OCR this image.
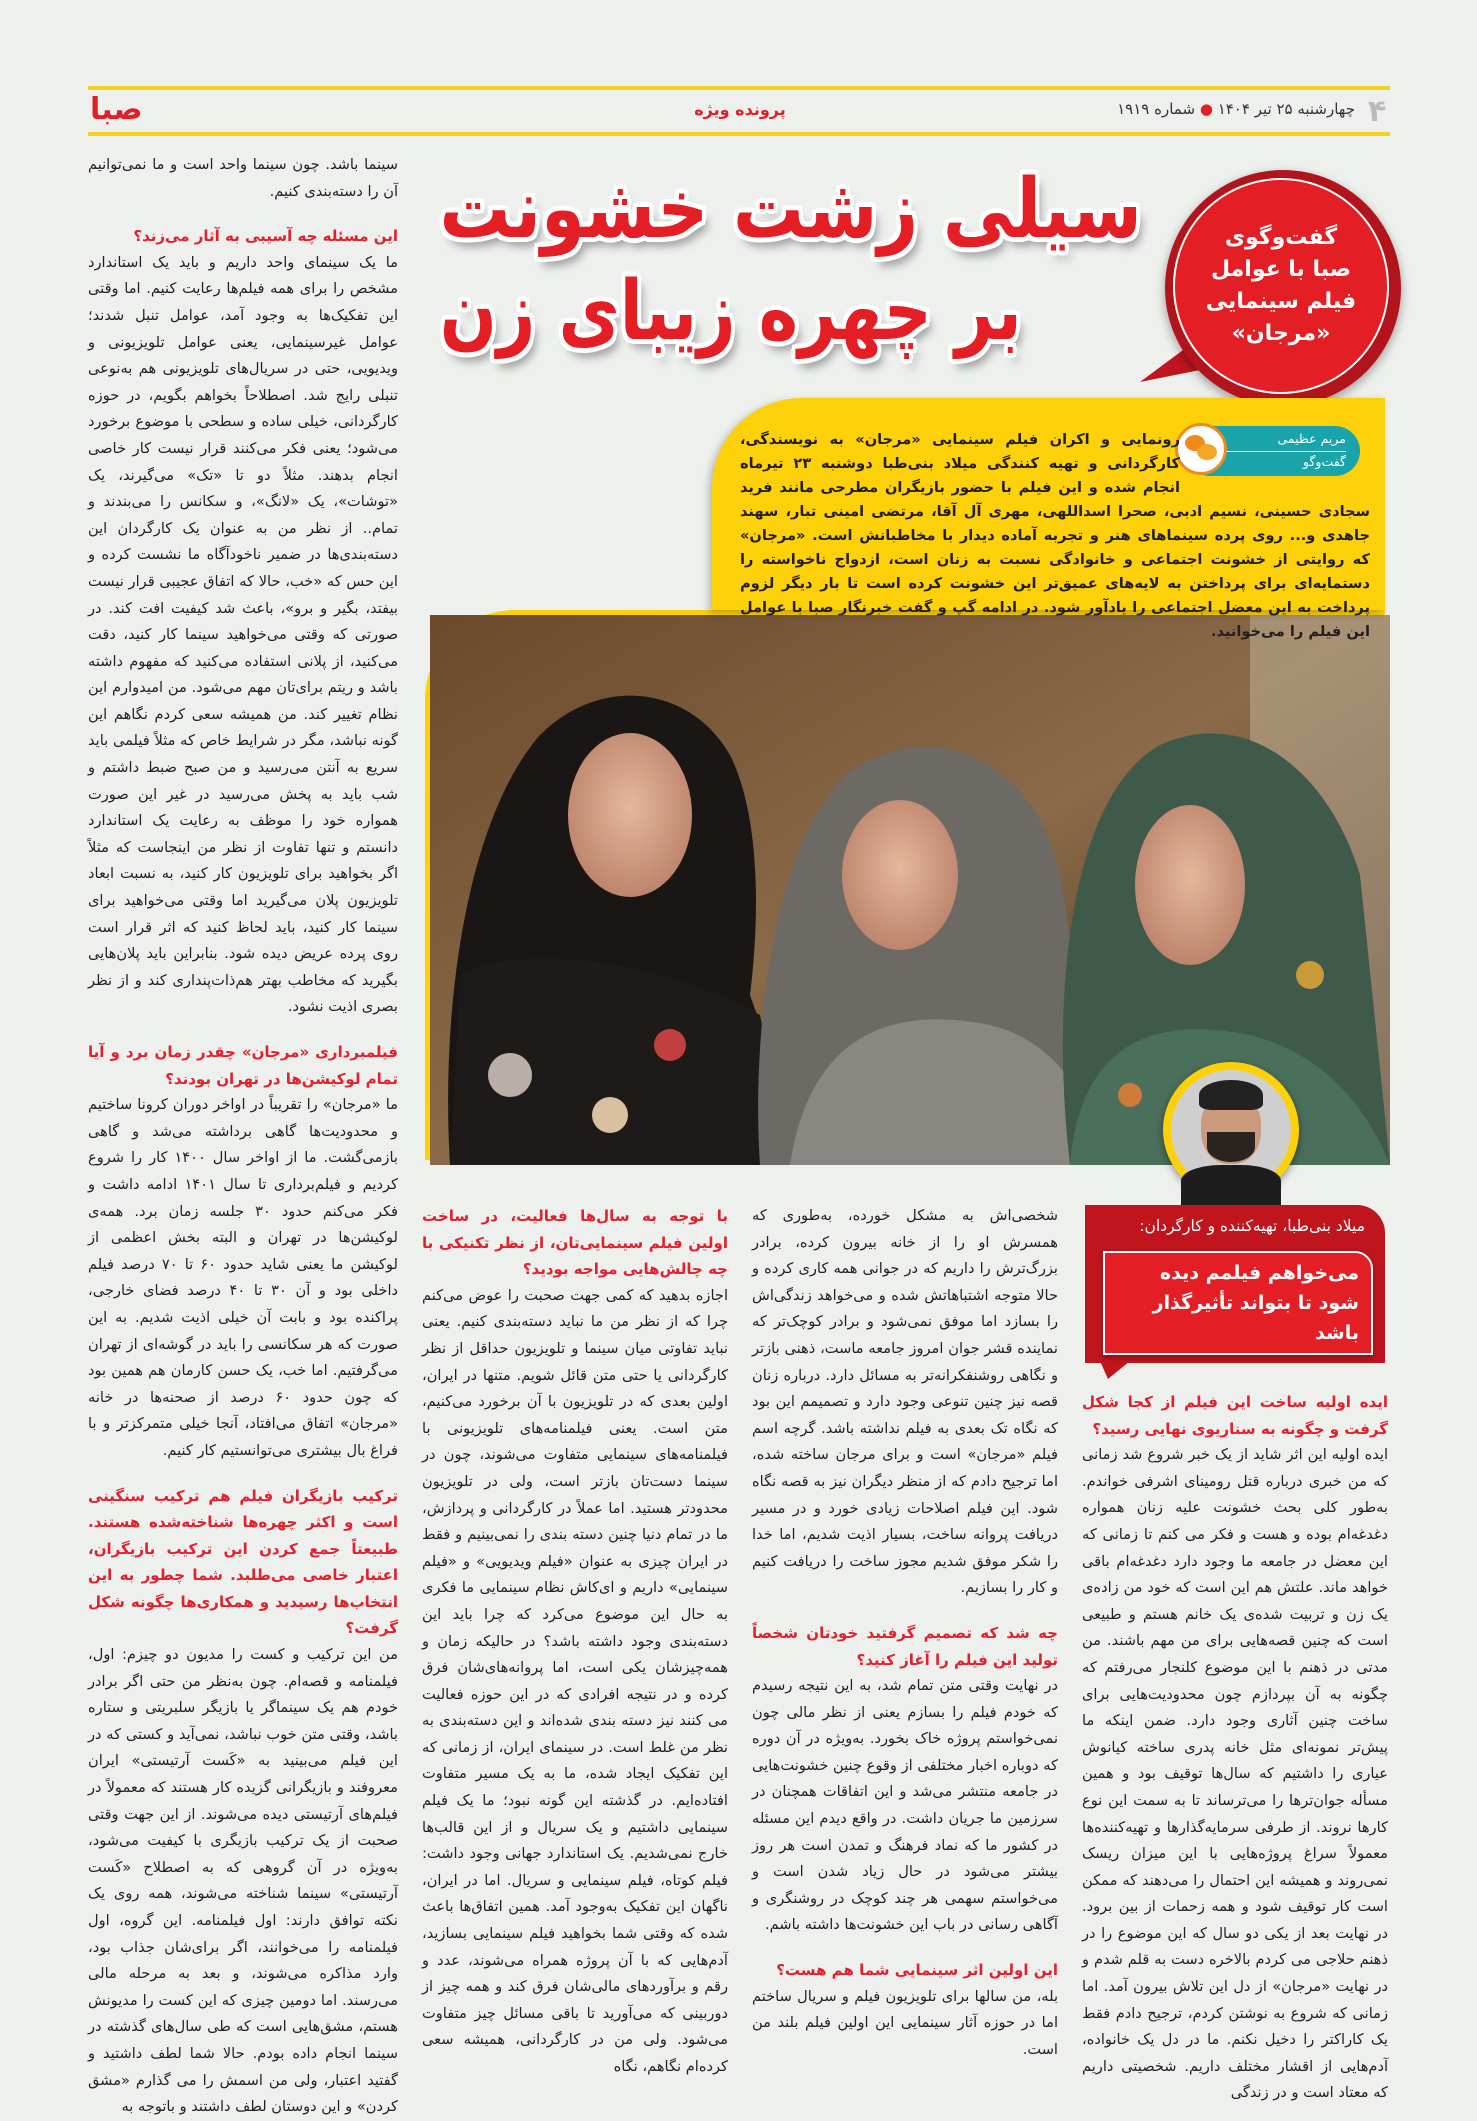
۴
چهارشنبه ۲۵ تیر ۱۴۰۴ ● شماره ۱۹۱۹
پرونده ویژه
صبا
سیلی زشت خشونت
بر چهره زیبای زن
گفت‌وگوی
صبا با عوامل
فیلم سینمایی
«مرجان»
مریم عظیمی
گفت‌وگو
رونمایی و اکران فیلم سینمایی «مرجان» به نویسندگی، کارگردانی و تهیه کنندگی میلاد بنی‌طبا دوشنبه ۲۳ تیرماه انجام شده و این فیلم با حضور بازیگران مطرحی مانند فرید سجادی حسینی، نسیم ادبی، صحرا اسداللهی، مهری آل آقا، مرتضی امینی تبار، سهند جاهدی و... روی پرده سینماهای هنر و تجربه آماده دیدار با مخاطبانش است. «مرجان» که روایتی از خشونت اجتماعی و خانوادگی نسبت به زنان است، ازدواج ناخواسته را دستمایه‌ای برای پرداختن به لایه‌های عمیق‌تر این خشونت کرده است تا بار دیگر لزوم پرداخت به این معضل اجتماعی را یادآور شود. در ادامه گپ و گفت خبرنگار صبا با عوامل این فیلم را می‌خوانید.
میلاد بنی‌طبا، تهیه‌کننده و کارگردان:
می‌خواهم فیلمم دیده شود تا بتواند تأثیرگذار باشد
ایده اولیه ساخت این فیلم از کجا شکل گرفت و چگونه به سناریوی نهایی رسید؟

ایده اولیه این اثر شاید از یک خبر شروع شد زمانی که من خبری درباره قتل رومینای اشرفی خواندم. به‌طور کلی بحث خشونت علیه زنان همواره دغدغه‌ام بوده و هست و فکر می کنم تا زمانی که این معضل در جامعه ما وجود دارد دغدغه‌ام باقی خواهد ماند. علتش هم این است که خود من زاده‌ی یک زن و تربیت شده‌ی یک خانم هستم و طبیعی است که چنین قصه‌هایی برای من مهم باشند. من مدتی در ذهنم با این موضوع کلنجار می‌رفتم که چگونه به آن بپردازم چون محدودیت‌هایی برای ساخت چنین آثاری وجود دارد. ضمن اینکه ما پیش‌تر نمونه‌ای مثل خانه پدری ساخته کیانوش عیاری را داشتیم که سال‌ها توقیف بود و همین مسأله جوان‌ترها را می‌ترساند تا به سمت این نوع کارها نروند. از طرفی سرمایه‌گذارها و تهیه‌کننده‌ها معمولاً سراغ پروژه‌هایی با این میزان ریسک نمی‌روند و همیشه این احتمال را می‌دهند که ممکن است کار توقیف شود و همه زحمات از بین برود. در نهایت بعد از یکی دو سال که این موضوع را در ذهنم حلاجی می کردم بالاخره دست به قلم شدم و در نهایت «مرجان» از دل این تلاش بیرون آمد. اما زمانی که شروع به نوشتن کردم، ترجیح دادم فقط یک کاراکتر را دخیل نکنم. ما در دل یک خانواده، آدم‌هایی از اقشار مختلف داریم. شخصیتی داریم که معتاد است و در زندگی

شخصی‌اش به مشکل خورده، به‌طوری که همسرش او را از خانه بیرون کرده، برادر بزرگ‌ترش را داریم که در جوانی همه کاری کرده و حالا متوجه اشتباهاتش شده و می‌خواهد زندگی‌اش را بسازد اما موفق نمی‌شود و برادر کوچک‌تر که نماینده قشر جوان امروز جامعه ماست، ذهنی بازتر و نگاهی روشنفکرانه‌تر به مسائل دارد. درباره زنان قصه نیز چنین تنوعی وجود دارد و تصمیمم این بود که نگاه تک بعدی به فیلم نداشته باشد. گرچه اسم فیلم «مرجان» است و برای مرجان ساخته شده، اما ترجیح دادم که از منظر دیگران نیز به قصه نگاه شود. این فیلم اصلاحات زیادی خورد و در مسیر دریافت پروانه ساخت، بسیار اذیت شدیم، اما خدا را شکر موفق شدیم مجوز ساخت را دریافت کنیم و کار را بسازیم.

چه شد که تصمیم گرفتید خودتان شخصاً تولید این فیلم را آغاز کنید؟

در نهایت وقتی متن تمام شد، به این نتیجه رسیدم که خودم فیلم را بسازم یعنی از نظر مالی چون نمی‌خواستم پروژه خاک بخورد. به‌ویژه در آن دوره که دوباره اخبار مختلفی از وقوع چنین خشونت‌هایی در جامعه منتشر می‌شد و این اتفاقات همچنان در سرزمین ما جریان داشت. در واقع دیدم این مسئله در کشور ما که نماد فرهنگ و تمدن است هر روز بیشتر می‌شود در حال زیاد شدن است و می‌خواستم سهمی هر چند کوچک در روشنگری و آگاهی رسانی در باب این خشونت‌ها داشته باشم.

این اولین اثر سینمایی شما هم هست؟

بله، من سالها برای تلویزیون فیلم و سریال ساختم اما در حوزه آثار سینمایی این اولین فیلم بلند من است.

با توجه به سال‌ها فعالیت، در ساخت اولین فیلم سینمایی‌تان، از نظر تکنیکی با چه چالش‌هایی مواجه بودید؟

اجازه بدهید که کمی جهت صحبت را عوض می‌کنم چرا که از نظر من ما نباید دسته‌بندی کنیم. یعنی نباید تفاوتی میان سینما و تلویزیون حداقل از نظر کارگردانی یا حتی متن قائل شویم. متنها در ایران، اولین بعدی که در تلویزیون با آن برخورد می‌کنیم، متن است. یعنی فیلمنامه‌های تلویزیونی با فیلمنامه‌های سینمایی متفاوت می‌شوند، چون در سینما دست‌تان بازتر است، ولی در تلویزیون محدودتر هستید. اما عملاً در کارگردانی و پردازش، ما در تمام دنیا چنین دسته بندی را نمی‌بینیم و فقط در ایران چیزی به عنوان «فیلم ویدیویی» و «فیلم سینمایی» داریم و ای‌کاش نظام سینمایی ما فکری به حال این موضوع می‌کرد که چرا باید این دسته‌بندی وجود داشته باشد؟ در حالیکه زمان و همه‌چیزشان یکی است، اما پروانه‌های‌شان فرق کرده و در نتیجه افرادی که در این حوزه فعالیت می کنند نیز دسته بندی شده‌اند و این دسته‌بندی به نظر من غلط است. در سینمای ایران، از زمانی که این تفکیک ایجاد شده، ما به یک مسیر متفاوت افتاده‌ایم. در گذشته این گونه نبود؛ ما یک فیلم سینمایی داشتیم و یک سریال و از این قالب‌ها خارج نمی‌شدیم. یک استاندارد جهانی وجود داشت: فیلم کوتاه، فیلم سینمایی و سریال. اما در ایران، ناگهان این تفکیک به‌وجود آمد. همین اتفاق‌ها باعث شده که وقتی شما بخواهید فیلم سینمایی بسازید، آدم‌هایی که با آن پروژه همراه می‌شوند، عدد و رقم و برآوردهای مالی‌شان فرق کند و همه چیز از دوربینی که می‌آورید تا باقی مسائل چیز متفاوت می‌شود. ولی من در کارگردانی، همیشه سعی کرده‌ام نگاهم، نگاه

سینما باشد. چون سینما واحد است و ما نمی‌توانیم آن را دسته‌بندی کنیم.

این مسئله چه آسیبی به آثار می‌زند؟

ما یک سینمای واحد داریم و باید یک استاندارد مشخص را برای همه فیلم‌ها رعایت کنیم. اما وقتی این تفکیک‌ها به وجود آمد، عوامل تنبل شدند؛ عوامل غیرسینمایی، یعنی عوامل تلویزیونی و ویدیویی، حتی در سریال‌های تلویزیونی هم به‌نوعی تنبلی رایج شد. اصطلاحاً بخواهم بگویم، در حوزه کارگردانی، خیلی ساده و سطحی با موضوع برخورد می‌شود؛ یعنی فکر می‌کنند قرار نیست کار خاصی انجام بدهند. مثلاً دو تا «تک» می‌گیرند، یک «توشات»، یک «لانگ»، و سکانس را می‌بندند و تمام.. از نظر من به عنوان یک کارگردان این دسته‌بندی‌ها در ضمیر ناخودآگاه ما نشست کرده و این حس که «خب، حالا که اتفاق عجیبی قرار نیست بیفتد، بگیر و برو»، باعث شد کیفیت افت کند. در صورتی که وقتی می‌خواهید سینما کار کنید، دقت می‌کنید، از پلانی استفاده می‌کنید که مفهوم داشته باشد و ریتم برای‌تان مهم می‌شود. من امیدوارم این نظام تغییر کند. من همیشه سعی کردم نگاهم این گونه نباشد، مگر در شرایط خاص که مثلاً فیلمی باید سریع به آنتن می‌رسید و من صبح ضبط داشتم و شب باید به پخش می‌رسید در غیر این صورت همواره خود را موظف به رعایت یک استاندارد دانستم و تنها تفاوت از نظر من اینجاست که مثلاً اگر بخواهید برای تلویزیون کار کنید، به نسبت ابعاد تلویزیون پلان می‌گیرید اما وقتی می‌خواهید برای سینما کار کنید، باید لحاظ کنید که اثر قرار است روی پرده عریض دیده شود. بنابراین باید پلان‌هایی بگیرید که مخاطب بهتر هم‌ذات‌پنداری کند و از نظر بصری اذیت نشود.

فیلمبرداری «مرجان» چقدر زمان برد و آیا تمام لوکیشن‌ها در تهران بودند؟

ما «مرجان» را تقریباً در اواخر دوران کرونا ساختیم و محدودیت‌ها گاهی برداشته می‌شد و گاهی بازمی‌گشت. ما از اواخر سال ۱۴۰۰ کار را شروع کردیم و فیلم‌برداری تا سال ۱۴۰۱ ادامه داشت و فکر می‌کنم حدود ۳۰ جلسه زمان برد. همه‌ی لوکیشن‌ها در تهران و البته بخش اعظمی از لوکیشن ما یعنی شاید حدود ۶۰ تا ۷۰ درصد فیلم داخلی بود و آن ۳۰ تا ۴۰ درصد فضای خارجی، پراکنده بود و بابت آن خیلی اذیت شدیم. به این صورت که هر سکانسی را باید در گوشه‌ای از تهران می‌گرفتیم. اما خب، یک حسن کارمان هم همین بود که چون حدود ۶۰ درصد از صحنه‌ها در خانه «مرجان» اتفاق می‌افتاد، آنجا خیلی متمرکزتر و با فراغ بال بیشتری می‌توانستیم کار کنیم.

ترکیب بازیگران فیلم هم ترکیب سنگینی است و اکثر چهره‌ها شناخته‌شده هستند. طبیعتاً جمع کردن این ترکیب بازیگران، اعتبار خاصی می‌طلبد. شما چطور به این انتخاب‌ها رسیدید و همکاری‌ها چگونه شکل گرفت؟

من این ترکیب و کست را مدیون دو چیزم: اول، فیلمنامه و قصه‌ام. چون به‌نظر من حتی اگر برادر خودم هم یک سینماگر یا بازیگر سلبریتی و ستاره باشد، وقتی متن خوب نباشد، نمی‌آید و کستی که در این فیلم می‌بینید به «کَست آرتیستی» ایران معروفند و بازیگرانی گزیده کار هستند که معمولاً در فیلم‌های آرتیستی دیده می‌شوند. از این جهت وقتی صحبت از یک ترکیب بازیگری با کیفیت می‌شود، به‌ویژه در آن گروهی که به اصطلاح «کَست آرتیستی» سینما شناخته می‌شوند، همه روی یک نکته توافق دارند: اول فیلمنامه. این گروه، اول فیلمنامه را می‌خوانند، اگر برای‌شان جذاب بود، وارد مذاکره می‌شوند، و بعد به مرحله مالی می‌رسند. اما دومین چیزی که این کست را مدیونش هستم، مشق‌هایی است که طی سال‌های گذشته در سینما انجام داده بودم. حالا شما لطف داشتید و گفتید اعتبار، ولی من اسمش را می گذارم «مشق کردن» و این دوستان لطف داشتند و باتوجه به
